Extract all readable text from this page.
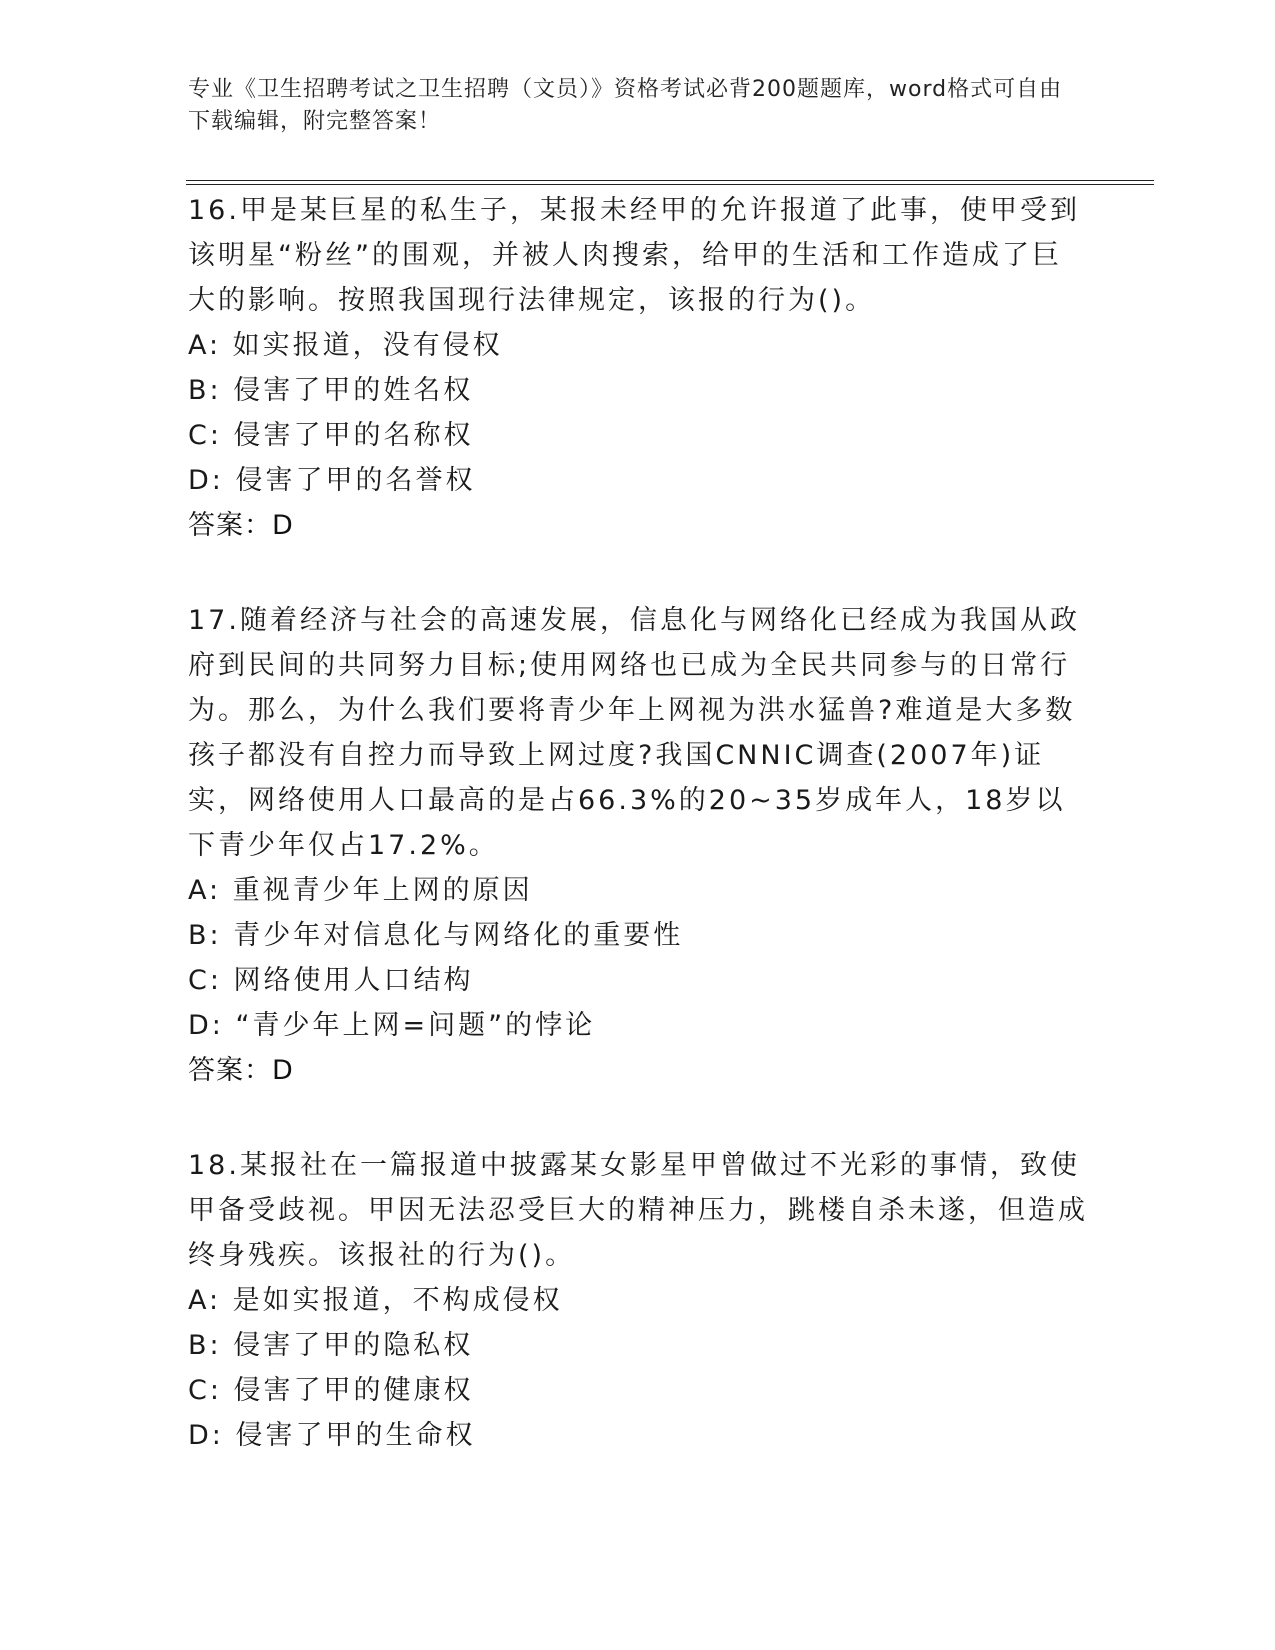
专业《卫生招聘考试之卫生招聘（文员）》资格考试必背200题题库，word格式可自由下载编辑，附完整答案！

16.甲是某巨星的私生子，某报未经甲的允许报道了此事，使甲受到该明星“粉丝”的围观，并被人肉搜索，给甲的生活和工作造成了巨大的影响。按照我国现行法律规定，该报的行为()。

A: 如实报道，没有侵权

B: 侵害了甲的姓名权

C: 侵害了甲的名称权

D: 侵害了甲的名誉权

答案：D

17.随着经济与社会的高速发展，信息化与网络化已经成为我国从政府到民间的共同努力目标;使用网络也已成为全民共同参与的日常行为。那么，为什么我们要将青少年上网视为洪水猛兽?难道是大多数孩子都没有自控力而导致上网过度?我国CNNIC调查(2007年)证实，网络使用人口最高的是占66.3%的20~35岁成年人，18岁以下青少年仅占17.2%。

A: 重视青少年上网的原因

B: 青少年对信息化与网络化的重要性

C: 网络使用人口结构

D: “青少年上网=问题”的悖论

答案：D

18.某报社在一篇报道中披露某女影星甲曾做过不光彩的事情，致使甲备受歧视。甲因无法忍受巨大的精神压力，跳楼自杀未遂，但造成终身残疾。该报社的行为()。

A: 是如实报道，不构成侵权

B: 侵害了甲的隐私权

C: 侵害了甲的健康权

D: 侵害了甲的生命权
